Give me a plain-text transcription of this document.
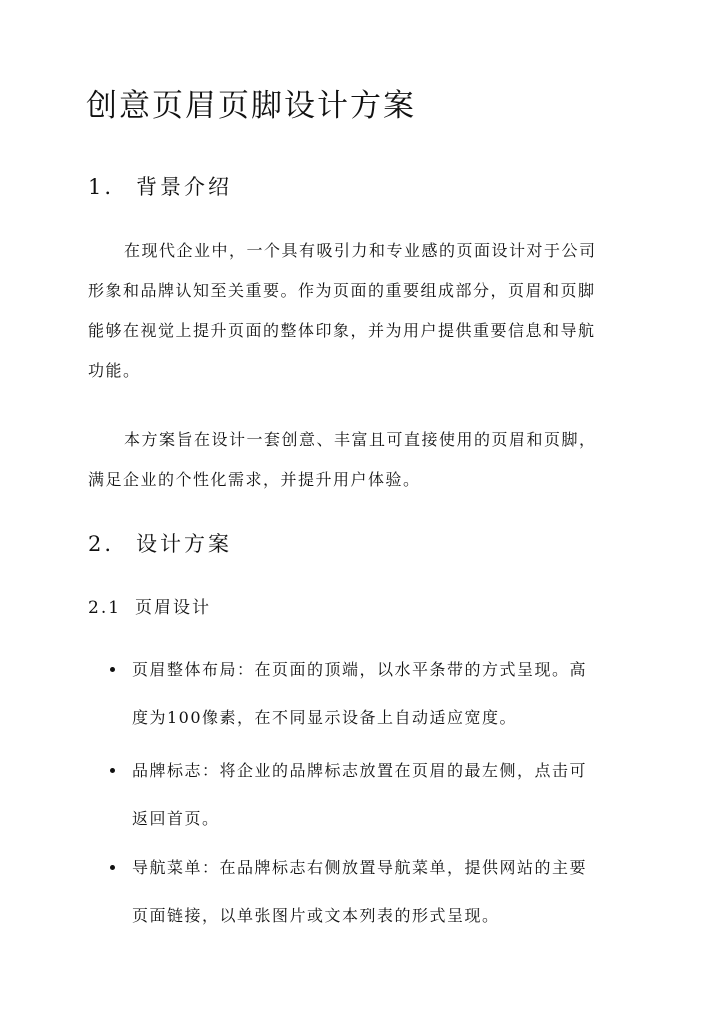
创意页眉页脚设计方案
1. 背景介绍

在现代企业中，一个具有吸引力和专业感的页面设计对于公司
形象和品牌认知至关重要。作为页面的重要组成部分，页眉和页脚
能够在视觉上提升页面的整体印象，并为用户提供重要信息和导航
功能。

本方案旨在设计一套创意、丰富且可直接使用的页眉和页脚，
满足企业的个性化需求，并提升用户体验。

2. 设计方案
2.1 页眉设计
页眉整体布局：在页面的顶端，以水平条带的方式呈现。高
度为100像素，在不同显示设备上自动适应宽度。
品牌标志：将企业的品牌标志放置在页眉的最左侧，点击可
返回首页。
导航菜单：在品牌标志右侧放置导航菜单，提供网站的主要
页面链接，以单张图片或文本列表的形式呈现。
